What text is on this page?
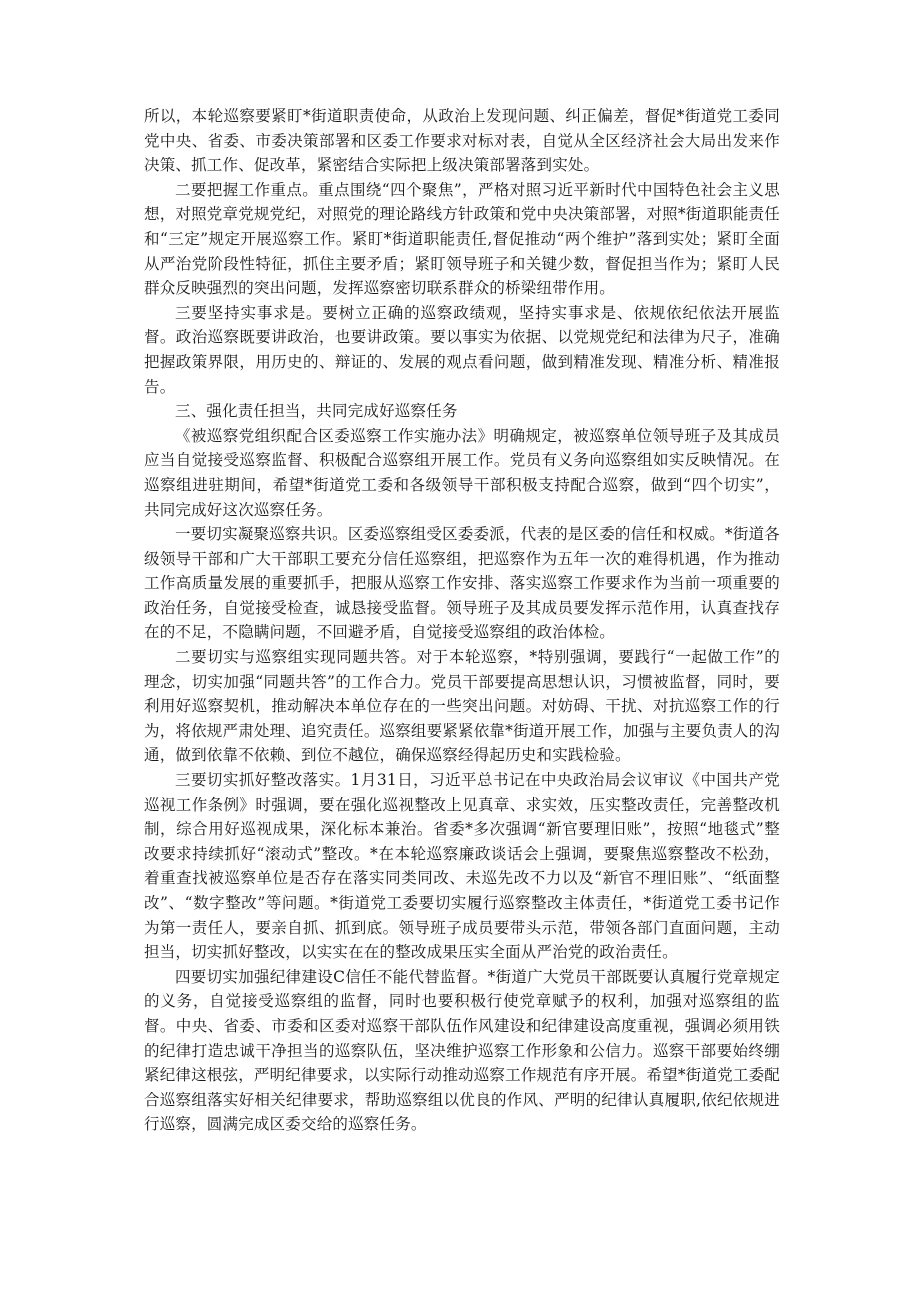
所以，本轮巡察要紧盯*街道职责使命，从政治上发现问题、纠正偏差，督促*街道党工委同党中央、省委、市委决策部署和区委工作要求对标对表，自觉从全区经济社会大局出发来作决策、抓工作、促改革，紧密结合实际把上级决策部署落到实处。

二要把握工作重点。重点围绕“四个聚焦”，严格对照习近平新时代中国特色社会主义思想，对照党章党规党纪，对照党的理论路线方针政策和党中央决策部署，对照*街道职能责任和“三定”规定开展巡察工作。紧盯*街道职能责任,督促推动“两个维护”落到实处；紧盯全面从严治党阶段性特征，抓住主要矛盾；紧盯领导班子和关键少数，督促担当作为；紧盯人民群众反映强烈的突出问题，发挥巡察密切联系群众的桥梁纽带作用。

三要坚持实事求是。要树立正确的巡察政绩观，坚持实事求是、依规依纪依法开展监督。政治巡察既要讲政治，也要讲政策。要以事实为依据、以党规党纪和法律为尺子，准确把握政策界限，用历史的、辩证的、发展的观点看问题，做到精准发现、精准分析、精准报告。

三、强化责任担当，共同完成好巡察任务

《被巡察党组织配合区委巡察工作实施办法》明确规定，被巡察单位领导班子及其成员应当自觉接受巡察监督、积极配合巡察组开展工作。党员有义务向巡察组如实反映情况。在巡察组进驻期间，希望*街道党工委和各级领导干部积极支持配合巡察，做到“四个切实”，共同完成好这次巡察任务。

一要切实凝聚巡察共识。区委巡察组受区委委派，代表的是区委的信任和权威。*街道各级领导干部和广大干部职工要充分信任巡察组，把巡察作为五年一次的难得机遇，作为推动工作高质量发展的重要抓手，把服从巡察工作安排、落实巡察工作要求作为当前一项重要的政治任务，自觉接受检查，诚恳接受监督。领导班子及其成员要发挥示范作用，认真查找存在的不足，不隐瞒问题，不回避矛盾，自觉接受巡察组的政治体检。

二要切实与巡察组实现同题共答。对于本轮巡察，*特别强调，要践行“一起做工作”的理念，切实加强“同题共答”的工作合力。党员干部要提高思想认识，习惯被监督，同时，要利用好巡察契机，推动解决本单位存在的一些突出问题。对妨碍、干扰、对抗巡察工作的行为，将依规严肃处理、追究责任。巡察组要紧紧依靠*街道开展工作，加强与主要负责人的沟通，做到依靠不依赖、到位不越位，确保巡察经得起历史和实践检验。

三要切实抓好整改落实。1月31日，习近平总书记在中央政治局会议审议《中国共产党巡视工作条例》时强调，要在强化巡视整改上见真章、求实效，压实整改责任，完善整改机制，综合用好巡视成果，深化标本兼治。省委*多次强调“新官要理旧账”，按照“地毯式”整改要求持续抓好“滚动式”整改。*在本轮巡察廉政谈话会上强调，要聚焦巡察整改不松劲，着重查找被巡察单位是否存在落实同类同改、未巡先改不力以及“新官不理旧账”、“纸面整改”、“数字整改”等问题。*街道党工委要切实履行巡察整改主体责任，*街道党工委书记作为第一责任人，要亲自抓、抓到底。领导班子成员要带头示范，带领各部门直面问题，主动担当，切实抓好整改，以实实在在的整改成果压实全面从严治党的政治责任。

四要切实加强纪律建设C信任不能代替监督。*街道广大党员干部既要认真履行党章规定的义务，自觉接受巡察组的监督，同时也要积极行使党章赋予的权利，加强对巡察组的监督。中央、省委、市委和区委对巡察干部队伍作风建设和纪律建设高度重视，强调必须用铁的纪律打造忠诚干净担当的巡察队伍，坚决维护巡察工作形象和公信力。巡察干部要始终绷紧纪律这根弦，严明纪律要求，以实际行动推动巡察工作规范有序开展。希望*街道党工委配合巡察组落实好相关纪律要求，帮助巡察组以优良的作风、严明的纪律认真履职,依纪依规进行巡察，圆满完成区委交给的巡察任务。
